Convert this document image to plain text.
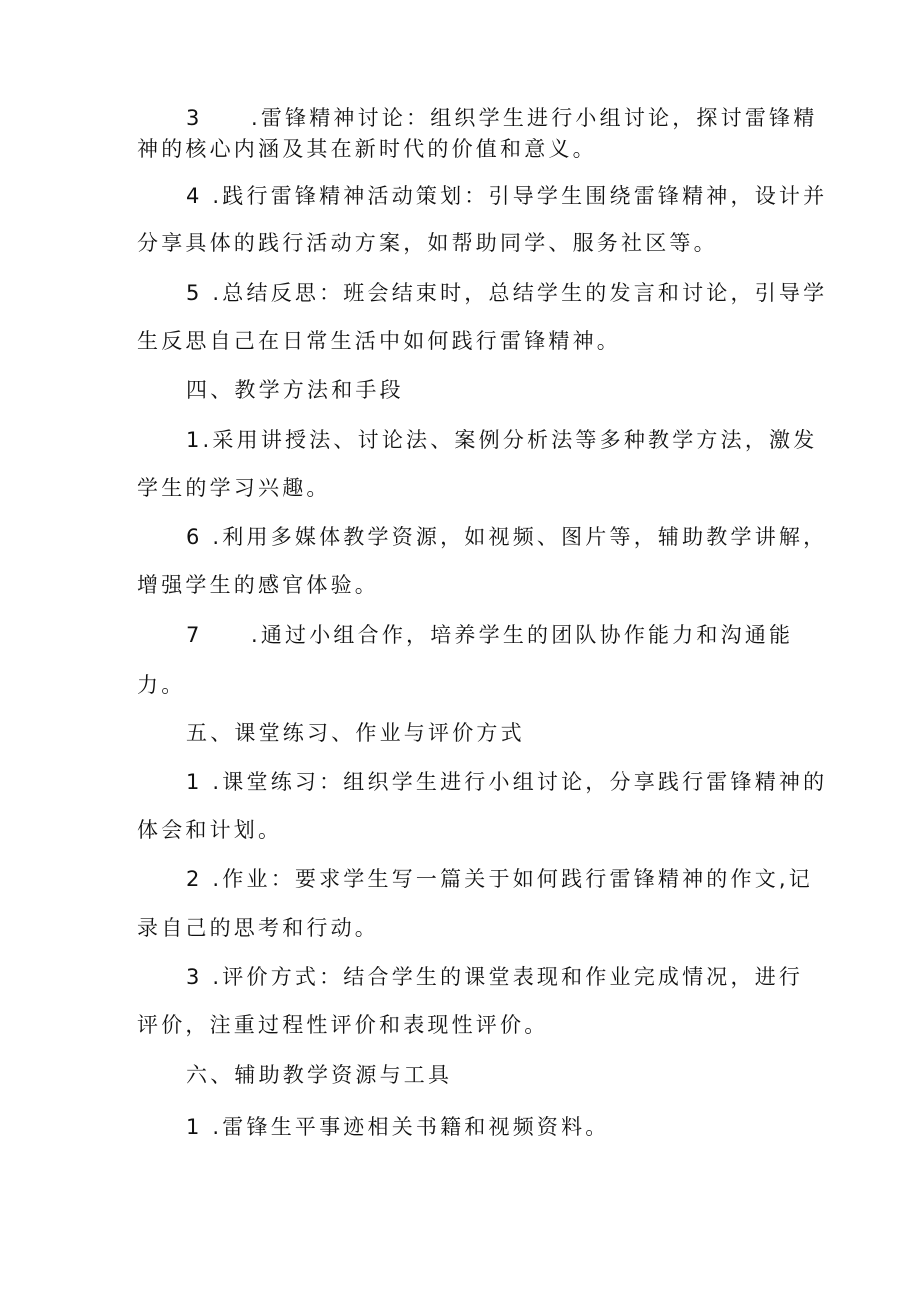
3　　.雷锋精神讨论：组织学生进行小组讨论，探讨雷锋精
神的核心内涵及其在新时代的价值和意义。
4 .践行雷锋精神活动策划：引导学生围绕雷锋精神，设计并
分享具体的践行活动方案，如帮助同学、服务社区等。
5 .总结反思：班会结束时，总结学生的发言和讨论，引导学
生反思自己在日常生活中如何践行雷锋精神。
四、教学方法和手段
1.采用讲授法、讨论法、案例分析法等多种教学方法，激发
学生的学习兴趣。
6 .利用多媒体教学资源，如视频、图片等，辅助教学讲解，
增强学生的感官体验。
7　　.通过小组合作，培养学生的团队协作能力和沟通能
力。
五、课堂练习、作业与评价方式
1 .课堂练习：组织学生进行小组讨论，分享践行雷锋精神的
体会和计划。
2 .作业：要求学生写一篇关于如何践行雷锋精神的作文,记
录自己的思考和行动。
3 .评价方式：结合学生的课堂表现和作业完成情况，进行
评价，注重过程性评价和表现性评价。
六、辅助教学资源与工具
1 .雷锋生平事迹相关书籍和视频资料。
